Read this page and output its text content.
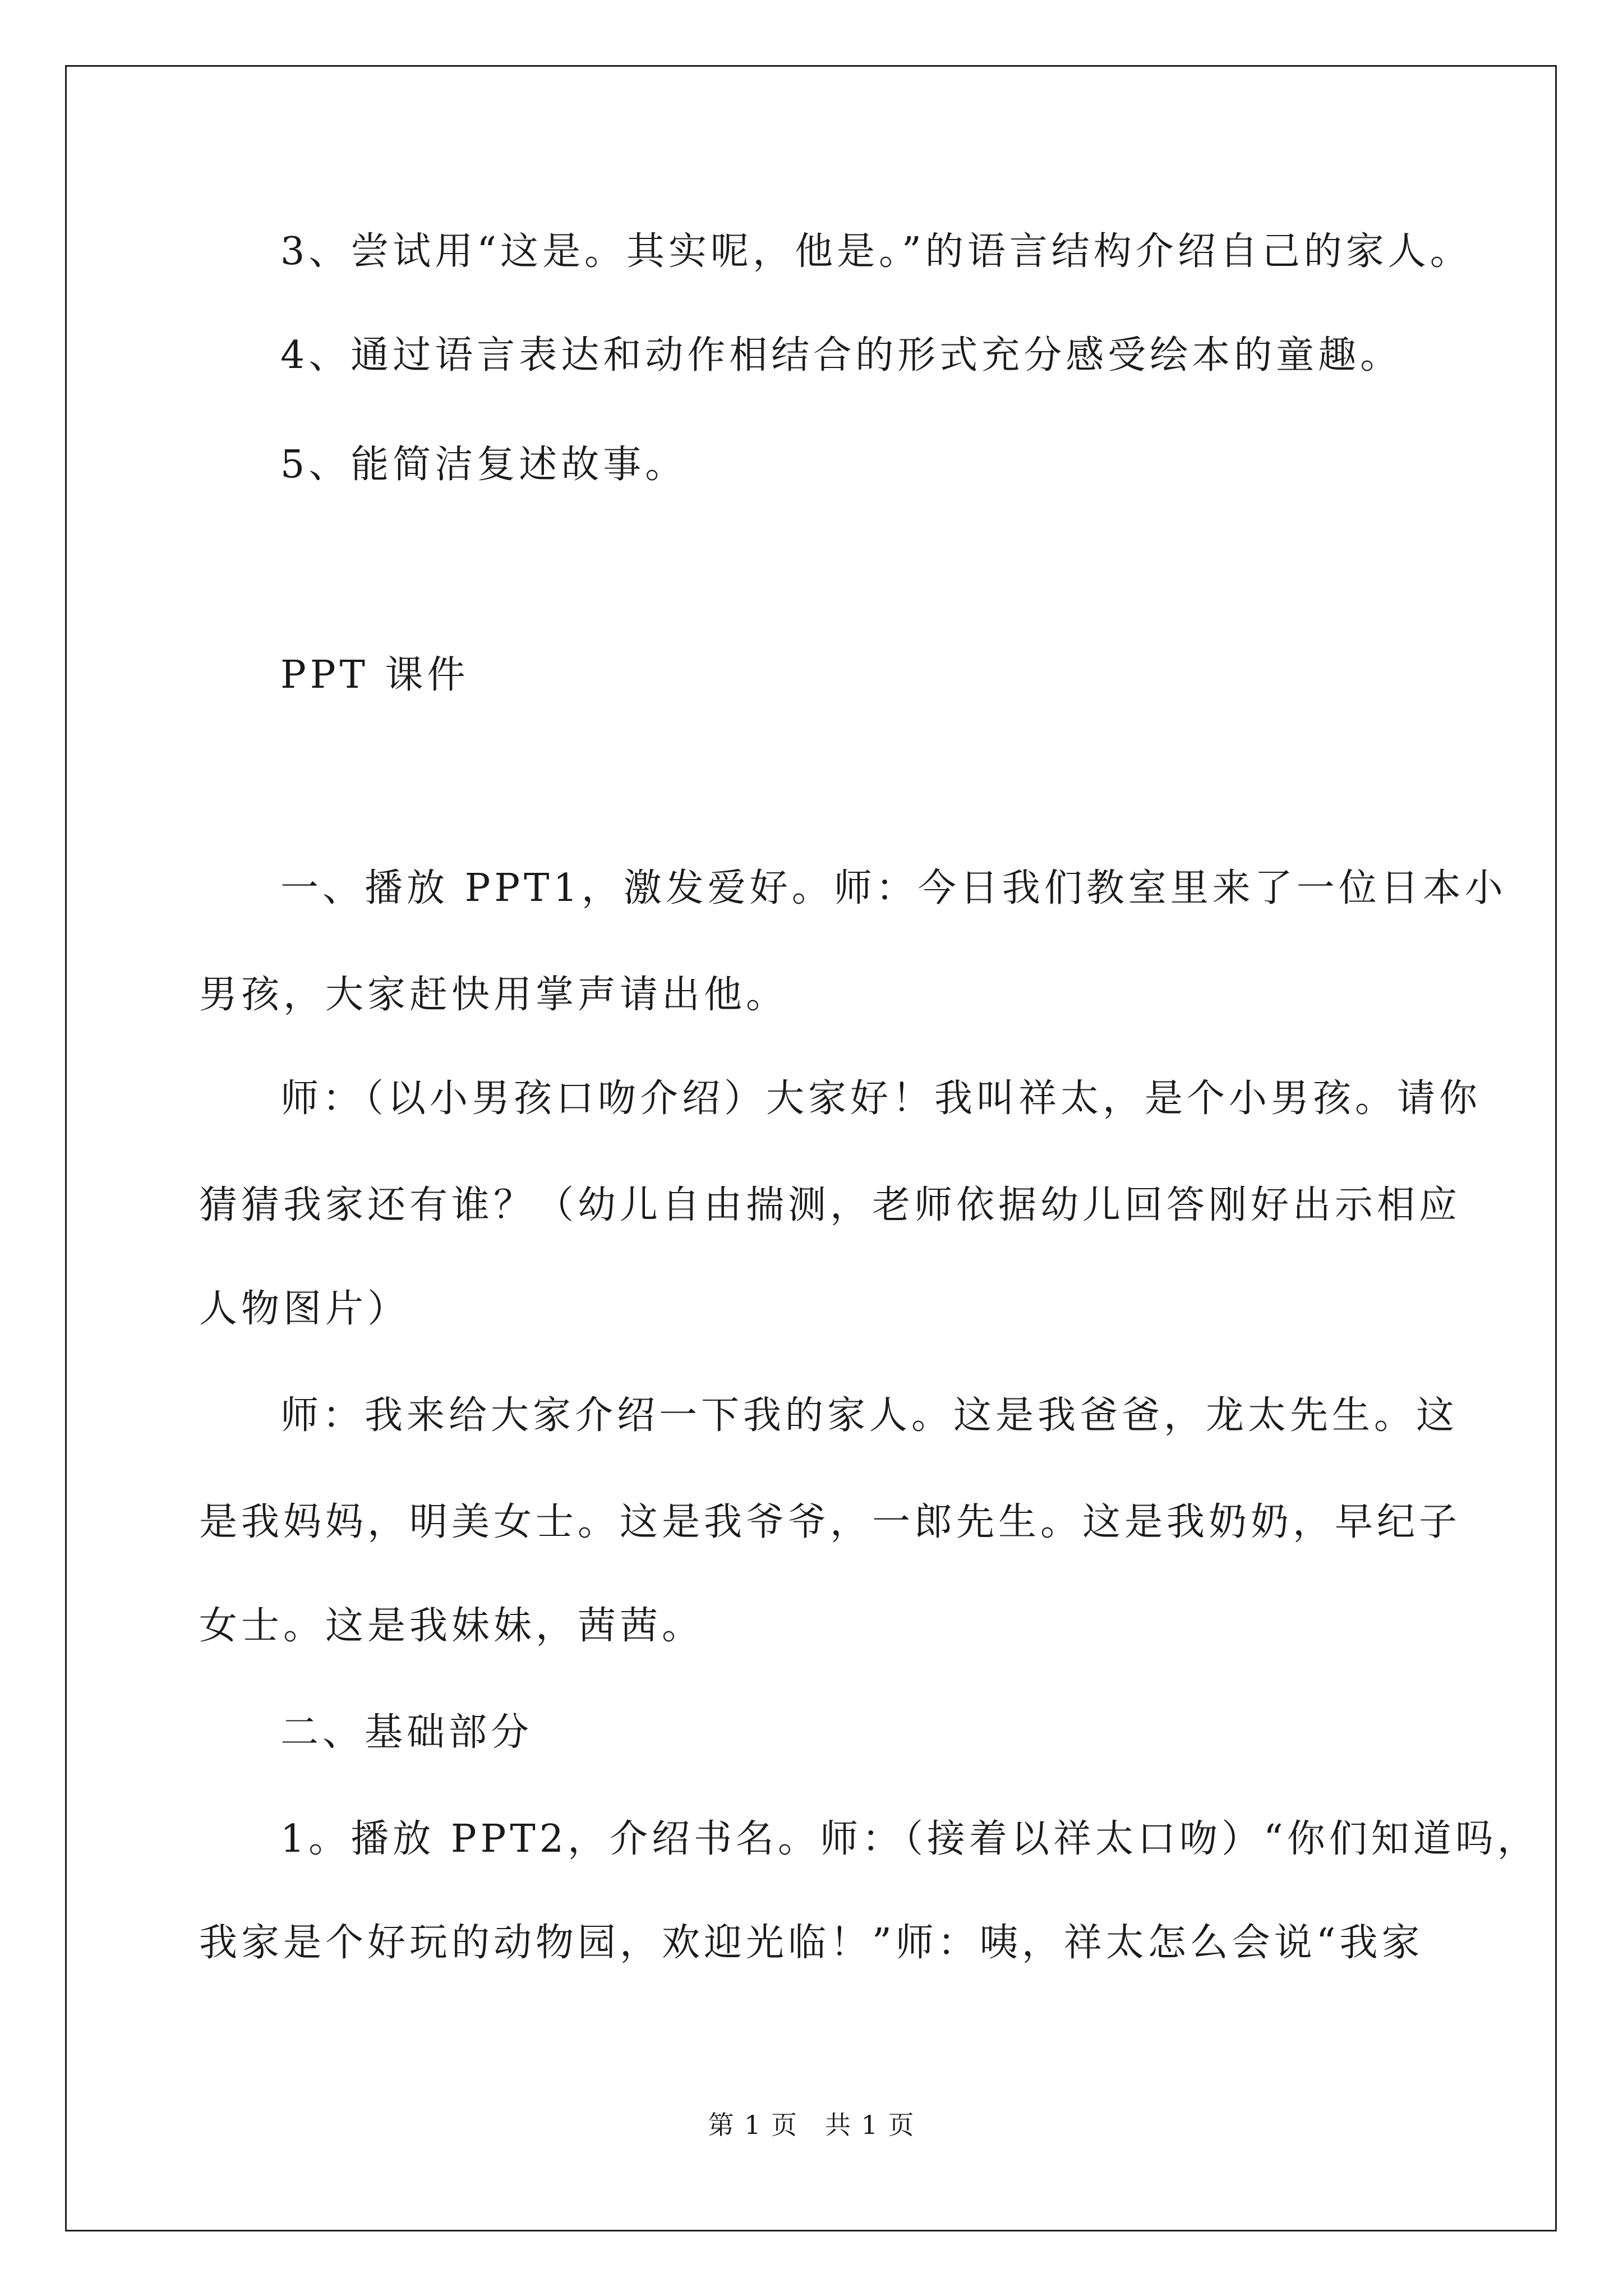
3、尝试用“这是。其实呢，他是。”的语言结构介绍自己的家人。
4、通过语言表达和动作相结合的形式充分感受绘本的童趣。
5、能简洁复述故事。
PPT 课件
一、播放 PPT1，激发爱好。师：今日我们教室里来了一位日本小
男孩，大家赶快用掌声请出他。
师：（以小男孩口吻介绍）大家好！我叫祥太，是个小男孩。请你
猜猜我家还有谁？（幼儿自由揣测，老师依据幼儿回答刚好出示相应
人物图片）
师：我来给大家介绍一下我的家人。这是我爸爸，龙太先生。这
是我妈妈，明美女士。这是我爷爷，一郎先生。这是我奶奶，早纪子
女士。这是我妹妹，茜茜。
二、基础部分
1。播放 PPT2，介绍书名。师：（接着以祥太口吻）“你们知道吗，
我家是个好玩的动物园，欢迎光临！”师：咦，祥太怎么会说“我家
第 1 页　共 1 页
